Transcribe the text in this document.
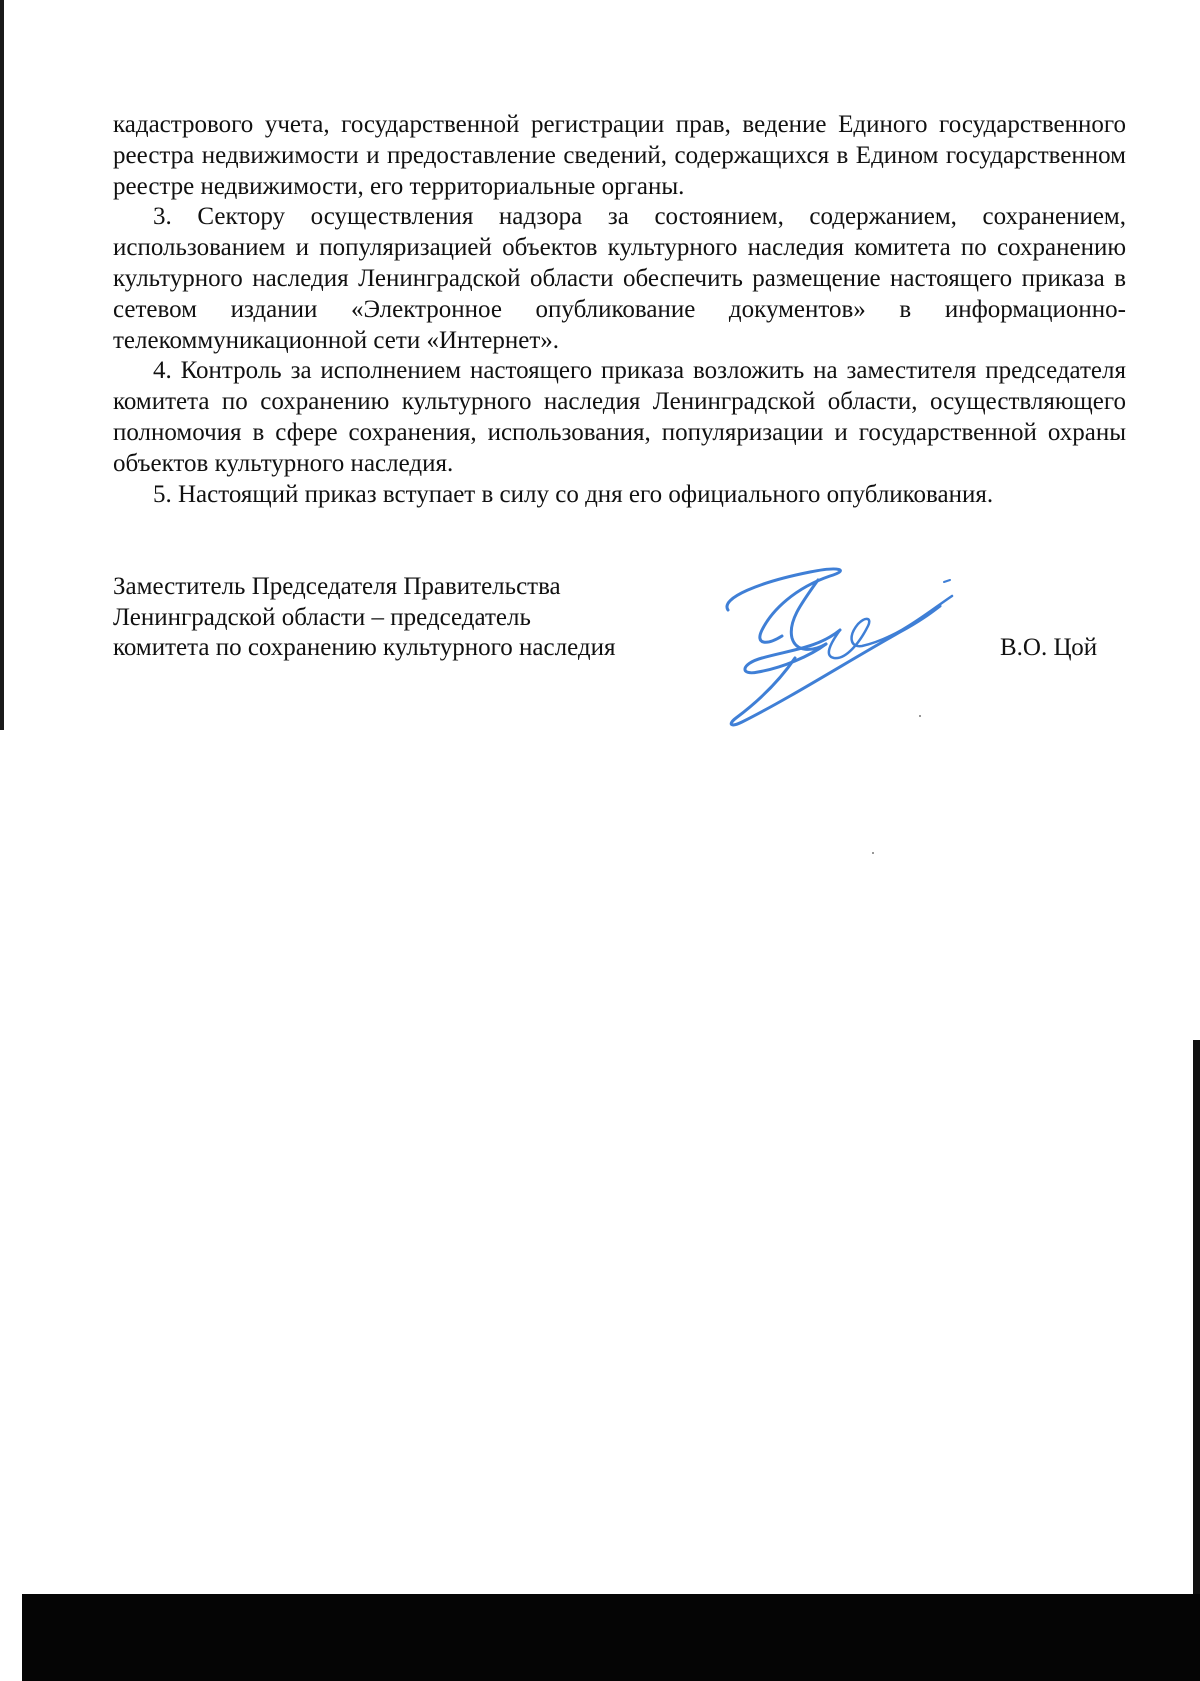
кадастрового учета, государственной регистрации прав, ведение Единого государственного реестра недвижимости и предоставление сведений, содержащихся в Едином государственном реестре недвижимости, его территориальные органы.

3. Сектору осуществления надзора за состоянием, содержанием, сохранением, использованием и популяризацией объектов культурного наследия комитета по сохранению культурного наследия Ленинградской области обеспечить размещение настоящего приказа в сетевом издании «Электронное опубликование документов» в информационно-телекоммуникационной сети «Интернет».

4. Контроль за исполнением настоящего приказа возложить на заместителя председателя комитета по сохранению культурного наследия Ленинградской области, осуществляющего полномочия в сфере сохранения, использования, популяризации и государственной охраны объектов культурного наследия.

5. Настоящий приказ вступает в силу со дня его официального опубликования.

Заместитель Председателя Правительства
Ленинградской области – председатель
комитета по сохранению культурного наследия	В.О. Цой
